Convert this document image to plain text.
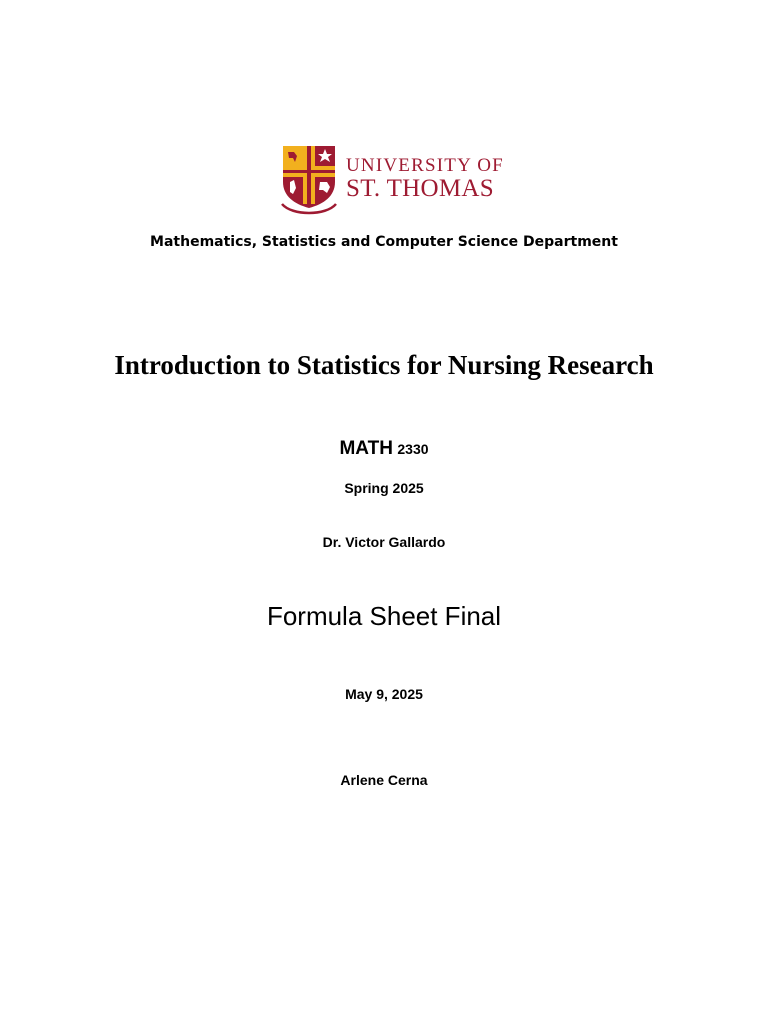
UNIVERSITY OF
ST. THOMAS
Mathematics, Statistics and Computer Science Department
Introduction to Statistics for Nursing Research
MATH 2330
Spring 2025
Dr. Victor Gallardo
Formula Sheet Final
May 9, 2025
Arlene Cerna
